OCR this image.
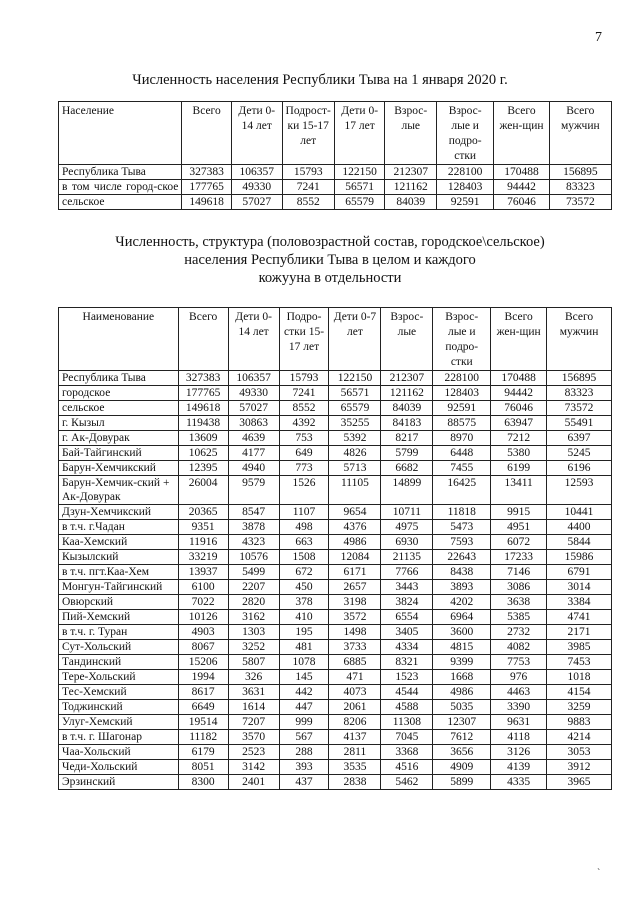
7
Численность населения Республики Тыва на 1 января 2020 г.
Население	Всего	Дети 0-14 лет	Подрост-ки 15-17 лет	Дети 0-17 лет	Взрос-лые	Взрос-лые и подро-стки	Всего жен-щин	Всего мужчин
Республика Тыва	327383	106357	15793	122150	212307	228100	170488	156895
в том числе город-ское	177765	49330	7241	56571	121162	128403	94442	83323
сельское	149618	57027	8552	65579	84039	92591	76046	73572
Численность, структура (половозрастной состав, городское\сельское)
населения Республики Тыва в целом и каждого
кожууна в отдельности
Наименование	Всего	Дети 0-14 лет	Подро-стки 15-17 лет	Дети 0-7 лет	Взрос-лые	Взрос-лые и подро-стки	Всего жен-щин	Всего мужчин
Республика Тыва	327383	106357	15793	122150	212307	228100	170488	156895
городское	177765	49330	7241	56571	121162	128403	94442	83323
сельское	149618	57027	8552	65579	84039	92591	76046	73572
г. Кызыл	119438	30863	4392	35255	84183	88575	63947	55491
г. Ак-Довурак	13609	4639	753	5392	8217	8970	7212	6397
Бай-Тайгинский	10625	4177	649	4826	5799	6448	5380	5245
Барун-Хемчикский	12395	4940	773	5713	6682	7455	6199	6196
Барун-Хемчик-ский + Ак-Довурак	26004	9579	1526	11105	14899	16425	13411	12593
Дзун-Хемчикский	20365	8547	1107	9654	10711	11818	9915	10441
в т.ч. г.Чадан	9351	3878	498	4376	4975	5473	4951	4400
Каа-Хемский	11916	4323	663	4986	6930	7593	6072	5844
Кызылский	33219	10576	1508	12084	21135	22643	17233	15986
в т.ч. пгт.Каа-Хем	13937	5499	672	6171	7766	8438	7146	6791
Монгун-Тайгинский	6100	2207	450	2657	3443	3893	3086	3014
Овюрский	7022	2820	378	3198	3824	4202	3638	3384
Пий-Хемский	10126	3162	410	3572	6554	6964	5385	4741
в т.ч. г. Туран	4903	1303	195	1498	3405	3600	2732	2171
Сут-Хольский	8067	3252	481	3733	4334	4815	4082	3985
Тандинский	15206	5807	1078	6885	8321	9399	7753	7453
Тере-Хольский	1994	326	145	471	1523	1668	976	1018
Тес-Хемский	8617	3631	442	4073	4544	4986	4463	4154
Тоджинский	6649	1614	447	2061	4588	5035	3390	3259
Улуг-Хемский	19514	7207	999	8206	11308	12307	9631	9883
в т.ч. г. Шагонар	11182	3570	567	4137	7045	7612	4118	4214
Чаа-Хольский	6179	2523	288	2811	3368	3656	3126	3053
Чеди-Хольский	8051	3142	393	3535	4516	4909	4139	3912
Эрзинский	8300	2401	437	2838	5462	5899	4335	3965
`
